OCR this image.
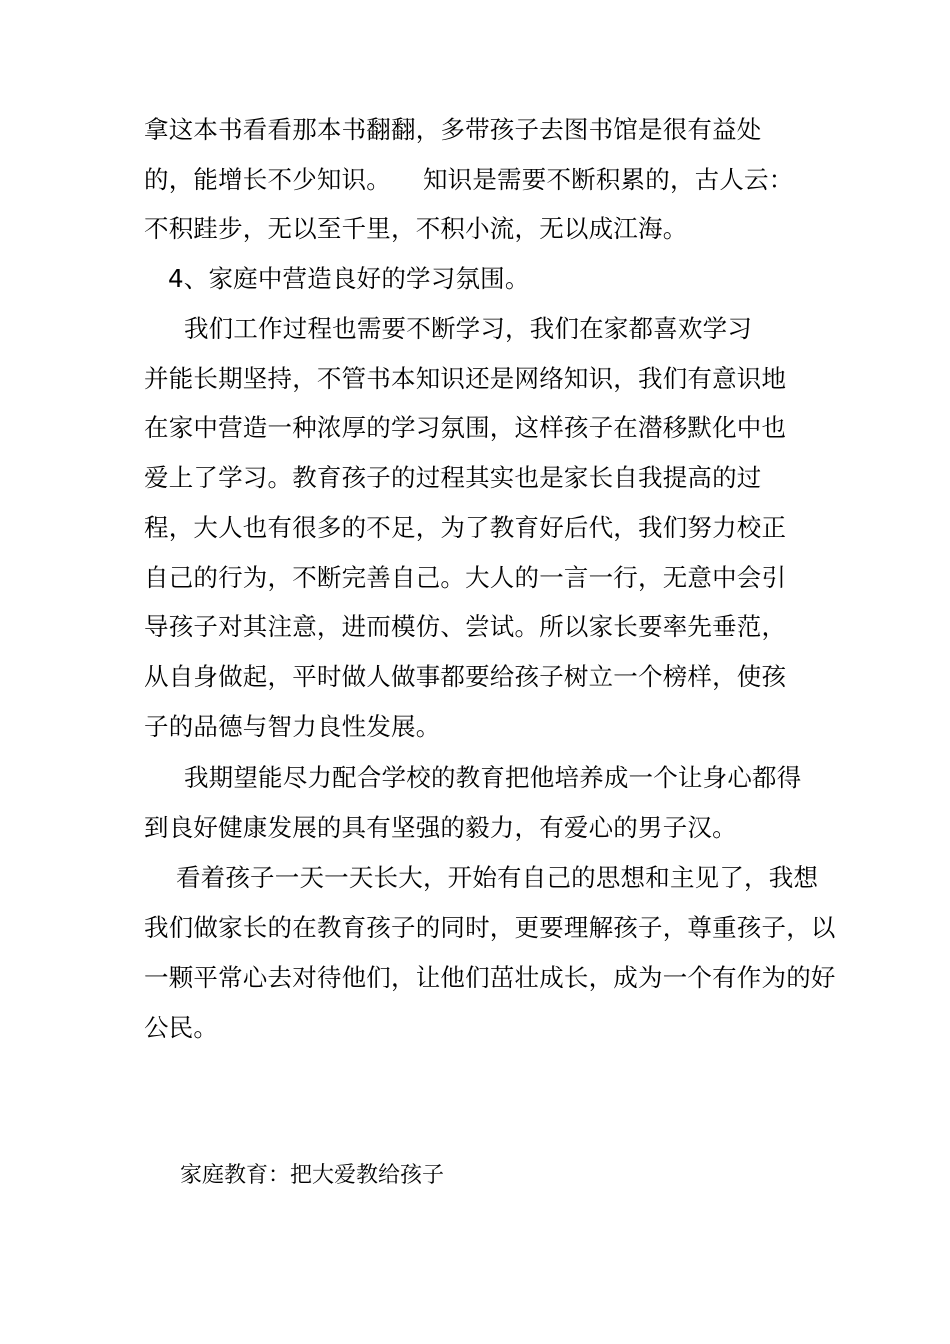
拿这本书看看那本书翻翻，多带孩子去图书馆是很有益处
的，能增长不少知识。    知识是需要不断积累的，古人云：
不积跬步，无以至千里，不积小流，无以成江海。
4、家庭中营造良好的学习氛围。
我们工作过程也需要不断学习，我们在家都喜欢学习
并能长期坚持，不管书本知识还是网络知识，我们有意识地
在家中营造一种浓厚的学习氛围，这样孩子在潜移默化中也
爱上了学习。教育孩子的过程其实也是家长自我提高的过
程，大人也有很多的不足，为了教育好后代，我们努力校正
自己的行为，不断完善自己。大人的一言一行，无意中会引
导孩子对其注意，进而模仿、尝试。所以家长要率先垂范，
从自身做起，平时做人做事都要给孩子树立一个榜样，使孩
子的品德与智力良性发展。
我期望能尽力配合学校的教育把他培养成一个让身心都得
到良好健康发展的具有坚强的毅力，有爱心的男子汉。
看着孩子一天一天长大，开始有自己的思想和主见了，我想
我们做家长的在教育孩子的同时，更要理解孩子，尊重孩子，以
一颗平常心去对待他们，让他们茁壮成长，成为一个有作为的好
公民。
家庭教育：把大爱教给孩子
